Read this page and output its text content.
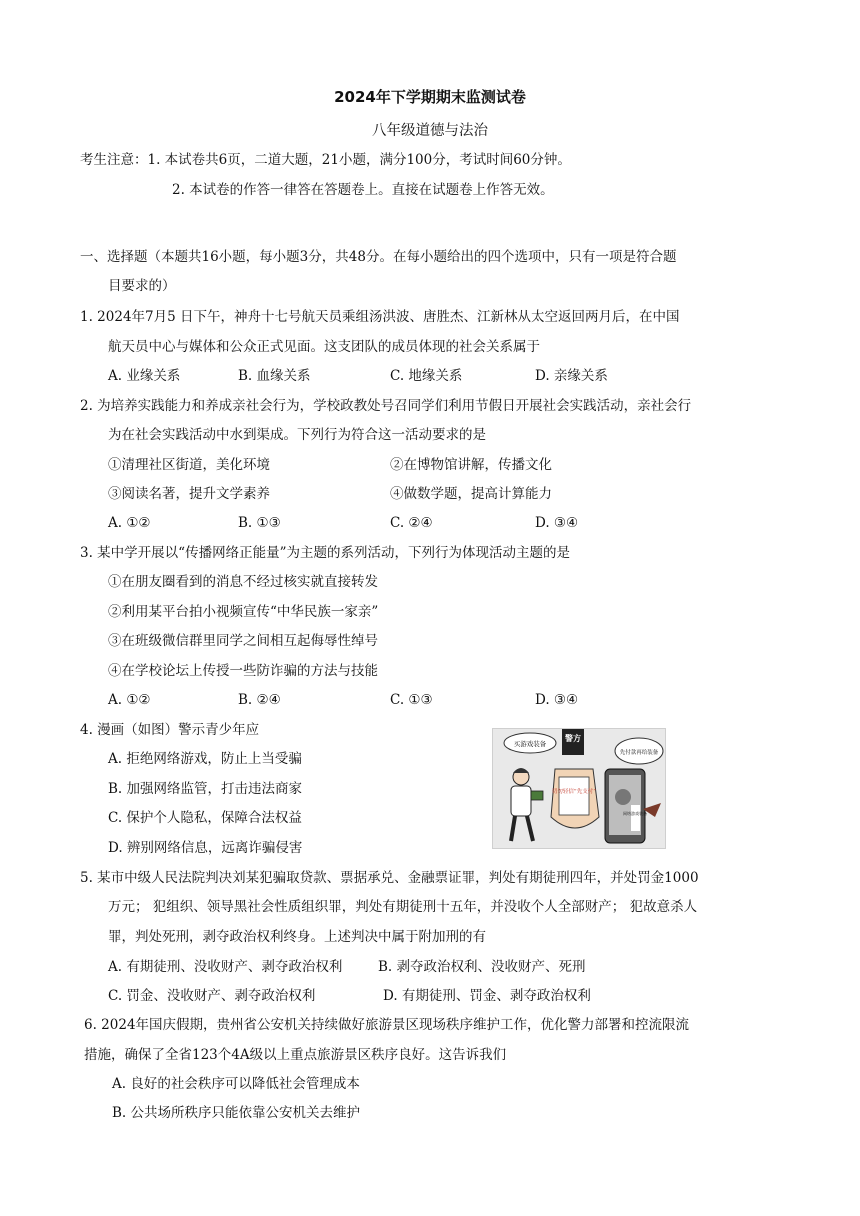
2024年下学期期末监测试卷
八年级道德与法治
考生注意：1. 本试卷共6页，二道大题，21小题，满分100分，考试时间60分钟。
2. 本试卷的作答一律答在答题卷上。直接在试题卷上作答无效。
一、选择题（本题共16小题，每小题3分，共48分。在每小题给出的四个选项中，只有一项是符合题
目要求的）
1. 2024年7月5 日下午，神舟十七号航天员乘组汤洪波、唐胜杰、江新林从太空返回两月后，在中国
航天员中心与媒体和公众正式见面。这支团队的成员体现的社会关系属于
A. 业缘关系	B. 血缘关系	C. 地缘关系	D. 亲缘关系
2. 为培养实践能力和养成亲社会行为，学校政教处号召同学们利用节假日开展社会实践活动，亲社会行
为在社会实践活动中水到渠成。下列行为符合这一活动要求的是
①清理社区街道，美化环境	②在博物馆讲解，传播文化
③阅读名著，提升文学素养	④做数学题，提高计算能力
A. ①②	B. ①③	C. ②④	D. ③④
3. 某中学开展以“传播网络正能量”为主题的系列活动，下列行为体现活动主题的是
①在朋友圈看到的消息不经过核实就直接转发
②利用某平台拍小视频宣传“中华民族一家亲”
③在班级微信群里同学之间相互起侮辱性绰号
④在学校论坛上传授一些防诈骗的方法与技能
A. ①②	B. ②④	C. ①③	D. ③④
4. 漫画（如图）警示青少年应
A. 拒绝网络游戏，防止上当受骗
B. 加强网络监管，打击违法商家
C. 保护个人隐私，保障合法权益
D. 辨别网络信息，远离诈骗侵害
买游戏装备
警方
切勿轻信“先支付”
先付款再给装备
网络游戏装备
5. 某市中级人民法院判决刘某犯骗取贷款、票据承兑、金融票证罪，判处有期徒刑四年，并处罚金1000
万元； 犯组织、领导黑社会性质组织罪，判处有期徒刑十五年，并没收个人全部财产； 犯故意杀人
罪，判处死刑，剥夺政治权利终身。上述判决中属于附加刑的有
A. 有期徒刑、没收财产、剥夺政治权利	B. 剥夺政治权利、没收财产、死刑
C. 罚金、没收财产、剥夺政治权利	D. 有期徒刑、罚金、剥夺政治权利
6. 2024年国庆假期，贵州省公安机关持续做好旅游景区现场秩序维护工作，优化警力部署和控流限流
措施，确保了全省123个4A级以上重点旅游景区秩序良好。这告诉我们
A. 良好的社会秩序可以降低社会管理成本
B. 公共场所秩序只能依靠公安机关去维护
